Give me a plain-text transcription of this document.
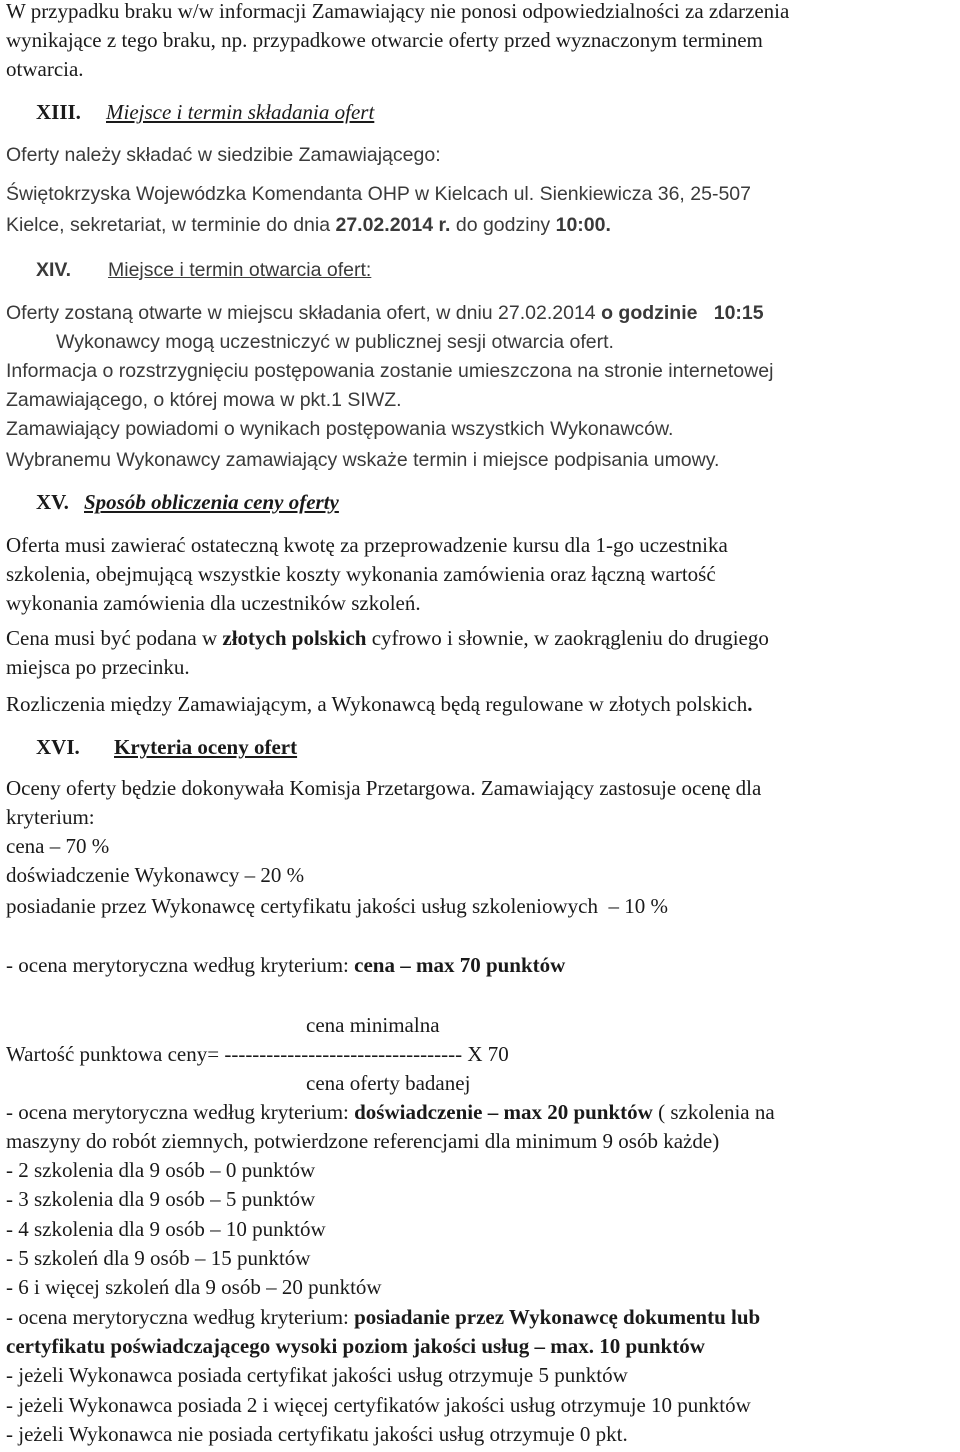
W przypadku braku w/w informacji Zamawiający nie ponosi odpowiedzialności za zdarzenia
wynikające z tego braku, np. przypadkowe otwarcie oferty przed wyznaczonym terminem
otwarcia.
XIII. Miejsce i termin składania ofert
Oferty należy składać w siedzibie Zamawiającego:
Świętokrzyska Wojewódzka Komendanta OHP w Kielcach ul. Sienkiewicza 36, 25-507
Kielce, sekretariat, w terminie do dnia 27.02.2014 r. do godziny 10:00.
XIV. Miejsce i termin otwarcia ofert:
Oferty zostaną otwarte w miejscu składania ofert, w dniu 27.02.2014 o godzinie   10:15
Wykonawcy mogą uczestniczyć w publicznej sesji otwarcia ofert.
Informacja o rozstrzygnięciu postępowania zostanie umieszczona na stronie internetowej
Zamawiającego, o której mowa w pkt.1 SIWZ.
Zamawiający powiadomi o wynikach postępowania wszystkich Wykonawców.
Wybranemu Wykonawcy zamawiający wskaże termin i miejsce podpisania umowy.
XV. Sposób obliczenia ceny oferty
Oferta musi zawierać ostateczną kwotę za przeprowadzenie kursu dla 1-go uczestnika
szkolenia, obejmującą wszystkie koszty wykonania zamówienia oraz łączną wartość
wykonania zamówienia dla uczestników szkoleń.
Cena musi być podana w złotych polskich cyfrowo i słownie, w zaokrągleniu do drugiego
miejsca po przecinku.
Rozliczenia między Zamawiającym, a Wykonawcą będą regulowane w złotych polskich.
XVI. Kryteria oceny ofert
Oceny oferty będzie dokonywała Komisja Przetargowa. Zamawiający zastosuje ocenę dla
kryterium:
cena – 70 %
doświadczenie Wykonawcy – 20 %
posiadanie przez Wykonawcę certyfikatu jakości usług szkoleniowych  – 10 %
- ocena merytoryczna według kryterium: cena – max 70 punktów
cena minimalna
Wartość punktowa ceny= ---------------------------------- X 70
cena oferty badanej
- ocena merytoryczna według kryterium: doświadczenie – max 20 punktów ( szkolenia na
maszyny do robót ziemnych, potwierdzone referencjami dla minimum 9 osób każde)
- 2 szkolenia dla 9 osób – 0 punktów
- 3 szkolenia dla 9 osób – 5 punktów
- 4 szkolenia dla 9 osób – 10 punktów
- 5 szkoleń dla 9 osób – 15 punktów
- 6 i więcej szkoleń dla 9 osób – 20 punktów
- ocena merytoryczna według kryterium: posiadanie przez Wykonawcę dokumentu lub
certyfikatu poświadczającego wysoki poziom jakości usług – max. 10 punktów
- jeżeli Wykonawca posiada certyfikat jakości usług otrzymuje 5 punktów
- jeżeli Wykonawca posiada 2 i więcej certyfikatów jakości usług otrzymuje 10 punktów
- jeżeli Wykonawca nie posiada certyfikatu jakości usług otrzymuje 0 pkt.
